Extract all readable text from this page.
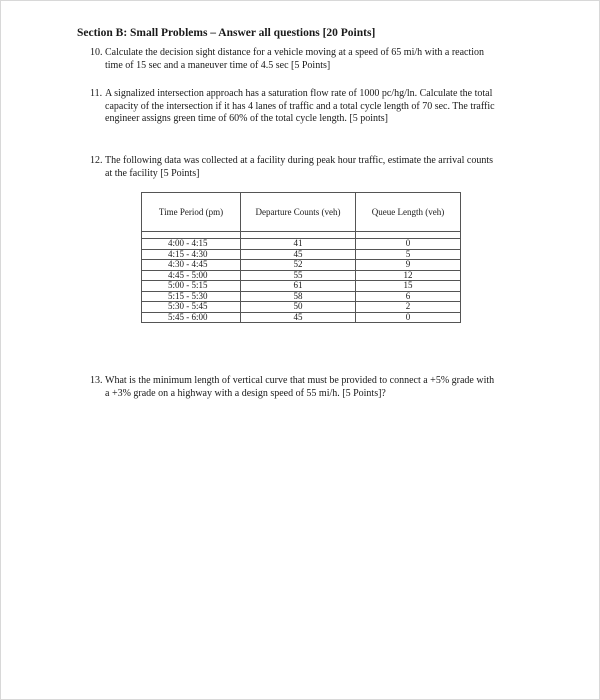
Section B: Small Problems – Answer all questions [20 Points]
10. Calculate the decision sight distance for a vehicle moving at a speed of 65 mi/h with a reaction
time of 15 sec and a maneuver time of 4.5 sec [5 Points]
11. A signalized intersection approach has a saturation flow rate of 1000 pc/hg/ln. Calculate the total
capacity of the intersection if it has 4 lanes of traffic and a total cycle length of 70 sec. The traffic
engineer assigns green time of 60% of the total cycle length. [5 points]
12. The following data was collected at a facility during peak hour traffic, estimate the arrival counts
at the facility [5 Points]
Time Period (pm)	Departure Counts (veh)	Queue Length (veh)

4:00 - 4:15	41	0
4:15 - 4:30	45	5
4:30 - 4:45	52	9
4:45 - 5:00	55	12
5:00 - 5:15	61	15
5:15 - 5:30	58	6
5:30 - 5:45	50	2
5:45 - 6:00	45	0
13. What is the minimum length of vertical curve that must be provided to connect a +5% grade with
a +3% grade on a highway with a design speed of 55 mi/h. [5 Points]?
